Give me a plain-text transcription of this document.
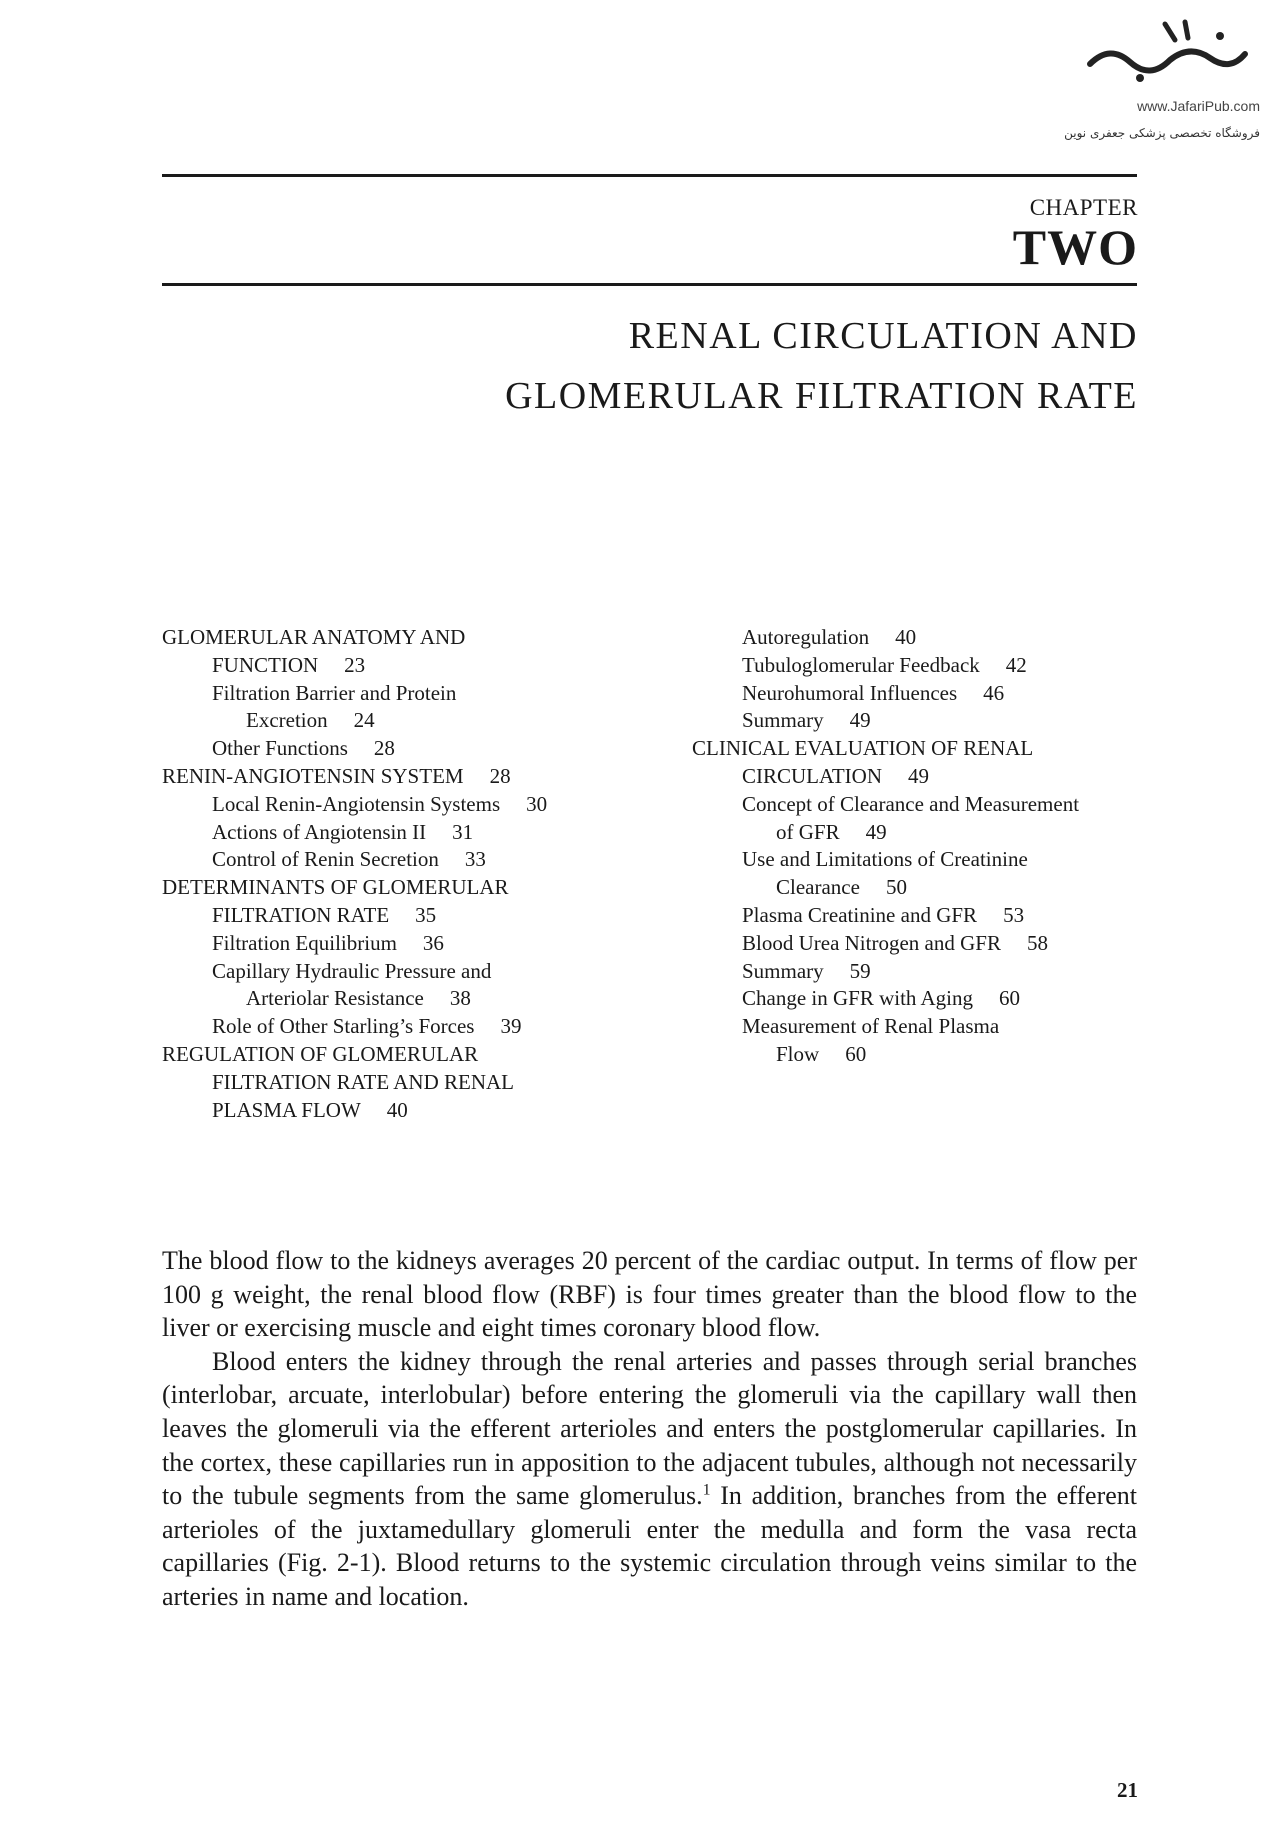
www.JafariPub.com
فروشگاه تخصصی پزشکی جعفری نوین
CHAPTER
TWO
RENAL CIRCULATION AND
GLOMERULAR FILTRATION RATE
GLOMERULAR ANATOMY AND
FUNCTION 23
Filtration Barrier and Protein
Excretion 24
Other Functions 28
RENIN-ANGIOTENSIN SYSTEM 28
Local Renin-Angiotensin Systems 30
Actions of Angiotensin II 31
Control of Renin Secretion 33
DETERMINANTS OF GLOMERULAR
FILTRATION RATE 35
Filtration Equilibrium 36
Capillary Hydraulic Pressure and
Arteriolar Resistance 38
Role of Other Starling’s Forces 39
REGULATION OF GLOMERULAR
FILTRATION RATE AND RENAL
PLASMA FLOW 40
Autoregulation 40
Tubuloglomerular Feedback 42
Neurohumoral Influences 46
Summary 49
CLINICAL EVALUATION OF RENAL
CIRCULATION 49
Concept of Clearance and Measurement
of GFR 49
Use and Limitations of Creatinine
Clearance 50
Plasma Creatinine and GFR 53
Blood Urea Nitrogen and GFR 58
Summary 59
Change in GFR with Aging 60
Measurement of Renal Plasma
Flow 60

The blood flow to the kidneys averages 20 percent of the cardiac output. In terms of flow per 100 g weight, the renal blood flow (RBF) is four times greater than the blood flow to the liver or exercising muscle and eight times coronary blood flow.

Blood enters the kidney through the renal arteries and passes through serial branches (interlobar, arcuate, interlobular) before entering the glomeruli via the capillary wall then leaves the glomeruli via the efferent arterioles and enters the postglomerular capillaries. In the cortex, these capillaries run in apposition to the adjacent tubules, although not necessarily to the tubule segments from the same glomerulus.$^1$ In addition, branches from the efferent arterioles of the juxtamedullary glomeruli enter the medulla and form the vasa recta capillaries (Fig. 2-1). Blood returns to the systemic circulation through veins similar to the arteries in name and location.

21
